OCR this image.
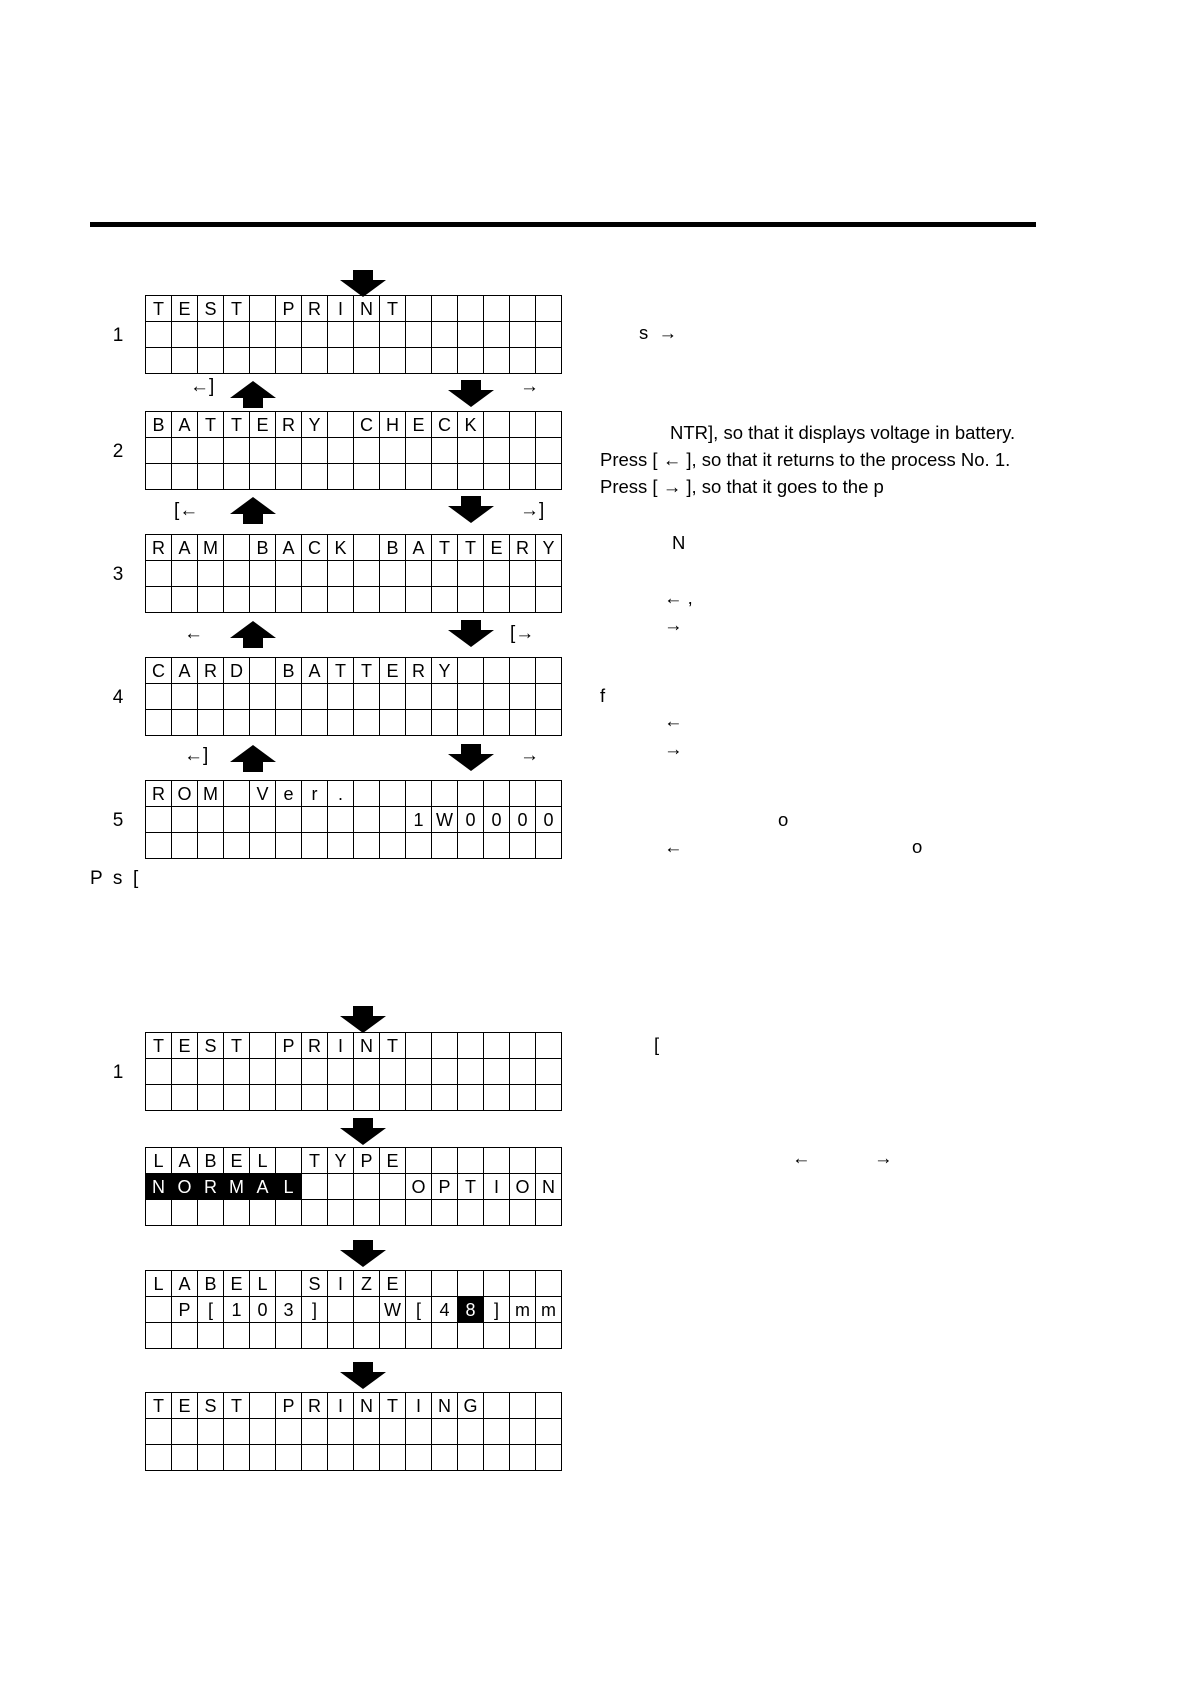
T	E	S	T		P	R	I	N	T						

1
←]	→
B	A	T	T	E	R	Y		C	H	E	C	K			

2
[←	→]
R	A	M		B	A	C	K		B	A	T	T	E	R	Y

3
←	[→
C	A	R	D		B	A	T	T	E	R	Y				

4
←]	→
R	O	M		V	e	r	.								
										1	W	0	0	0	0

5
P  s  [
T	E	S	T		P	R	I	N	T						

1
L	A	B	E	L		T	Y	P	E						
N	O	R	M	A	L					O	P	T	I	O	N

L	A	B	E	L		S	I	Z	E						
	P	[	1	0	3	]			W	[	4	8	]	m	m

T	E	S	T		P	R	I	N	T	I	N	G			

s  →
NTR], so that it displays voltage in battery.
Press [ ← ], so that it returns to the process No. 1.
Press [ → ], so that it goes to the p
N
← ,
→
f
←
→
o
←	o
[
←	→
